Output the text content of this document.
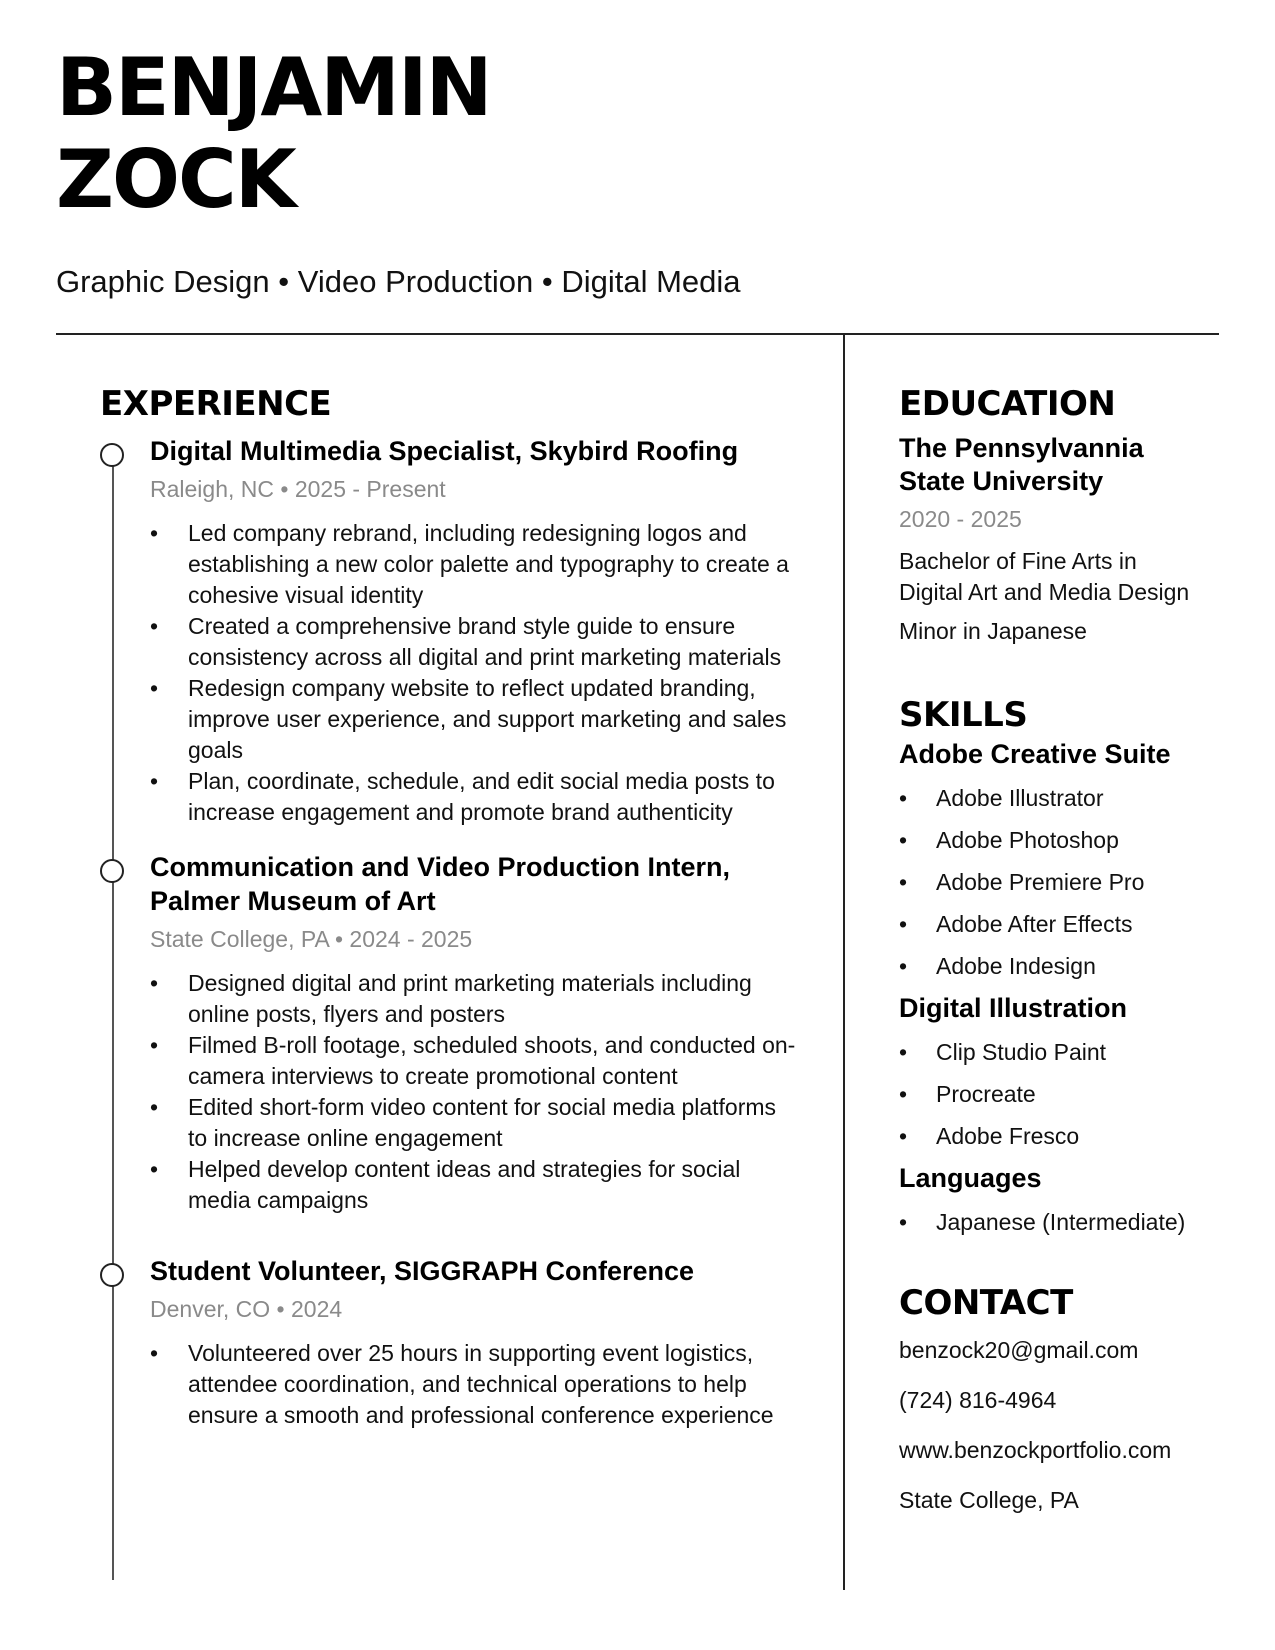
BENJAMIN
ZOCK

Graphic Design • Video Production • Digital Media

EXPERIENCE
Digital Multimedia Specialist, Skybird Roofing

Raleigh, NC • 2025 - Present

• Led company rebrand, including redesigning logos and establishing a new color palette and typography to create a cohesive visual identity
• Created a comprehensive brand style guide to ensure consistency across all digital and print marketing materials
• Redesign company website to reflect updated branding, improve user experience, and support marketing and sales goals
• Plan, coordinate, schedule, and edit social media posts to increase engagement and promote brand authenticity
Communication and Video Production Intern, Palmer Museum of Art

State College, PA • 2024 - 2025

• Designed digital and print marketing materials including online posts, flyers and posters
• Filmed B-roll footage, scheduled shoots, and conducted on-camera interviews to create promotional content
• Edited short-form video content for social media platforms to increase online engagement
• Helped develop content ideas and strategies for social media campaigns
Student Volunteer, SIGGRAPH Conference

Denver, CO • 2024

• Volunteered over 25 hours in supporting event logistics, attendee coordination, and technical operations to help ensure a smooth and professional conference experience
EDUCATION

The Pennsylvannia
State University

2020 - 2025

Bachelor of Fine Arts in
Digital Art and Media Design

Minor in Japanese

SKILLS
Adobe Creative Suite
• Adobe Illustrator
• Adobe Photoshop
• Adobe Premiere Pro
• Adobe After Effects
• Adobe Indesign
Digital Illustration
• Clip Studio Paint
• Procreate
• Adobe Fresco
Languages
• Japanese (Intermediate)
CONTACT

benzock20@gmail.com

(724) 816-4964

www.benzockportfolio.com

State College, PA
